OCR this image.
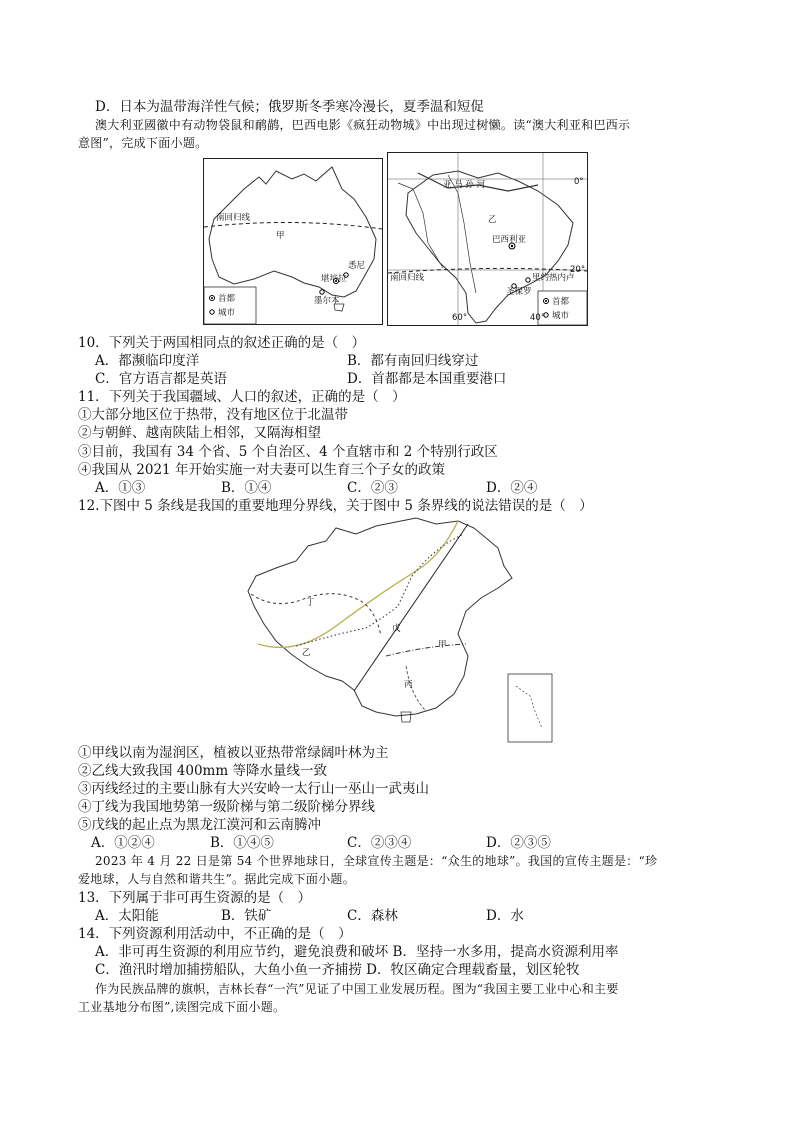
D．日本为温带海洋性气候；俄罗斯冬季寒冷漫长，夏季温和短促
澳大利亚國徽中有动物袋鼠和鸸鹋，巴西电影《疯狂动物城》中出现过树懒。读“澳大利亚和巴西示
意图”，完成下面小题。
南回归线
甲
悉尼
堪培拉
墨尔本
首都
城市
0°
亚 马 孙 河
乙
巴西利亚
南回归线
20°
里约热内卢
圣保罗
60°	40°
首都
城市
10．下列关于两国相同点的叙述正确的是（　）
A．都濒临印度洋	B．都有南回归线穿过
C．官方语言都是英语	D．首都都是本国重要港口
11．下列关于我国疆域、人口的叙述，正确的是（　）
①大部分地区位于热带，没有地区位于北温带
②与朝鲜、越南陕陆上相邻，又隔海相望
③目前，我国有 34 个省、5 个自治区、4 个直辖市和 2 个特别行政区
④我国从 2021 年开始实施一对夫妻可以生育三个子女的政策
A．①③	B．①④	C．②③	D．②④
12.下图中 5 条线是我国的重要地理分界线，关于图中 5 条界线的说法错误的是（　）
丁
乙
戊
甲
丙
①甲线以南为湿润区，植被以亚热带常绿阔叶林为主
②乙线大致我国 400mm 等降水量线一致
③丙线经过的主要山脉有大兴安岭一太行山一巫山一武夷山
④丁线为我国地势第一级阶梯与第二级阶梯分界线
⑤戊线的起止点为黑龙江漠河和云南腾冲
A．①②④	B．①④⑤	C．②③④	D．②③⑤
2023 年 4 月 22 日是第 54 个世界地球日，全球宣传主题是：“众生的地球”。我国的宣传主题是：“珍
爱地球，人与自然和谐共生”。据此完成下面小题。
13．下列属于非可再生资源的是（　）
A．太阳能	B．铁矿	C．森林	D．水
14．下列资源利用活动中，不正确的是（　）
A．非可再生资源的利用应节约，避免浪费和破坏 B．坚持一水多用，提高水资源利用率
C．渔汛时增加捕捞船队，大鱼小鱼一齐捕捞 D．牧区确定合理载畜量，划区轮牧
作为民族品牌的旗帜，吉林长春“一汽”见证了中国工业发展历程。图为“我国主要工业中心和主要
工业基地分布图”,读图完成下面小题。
